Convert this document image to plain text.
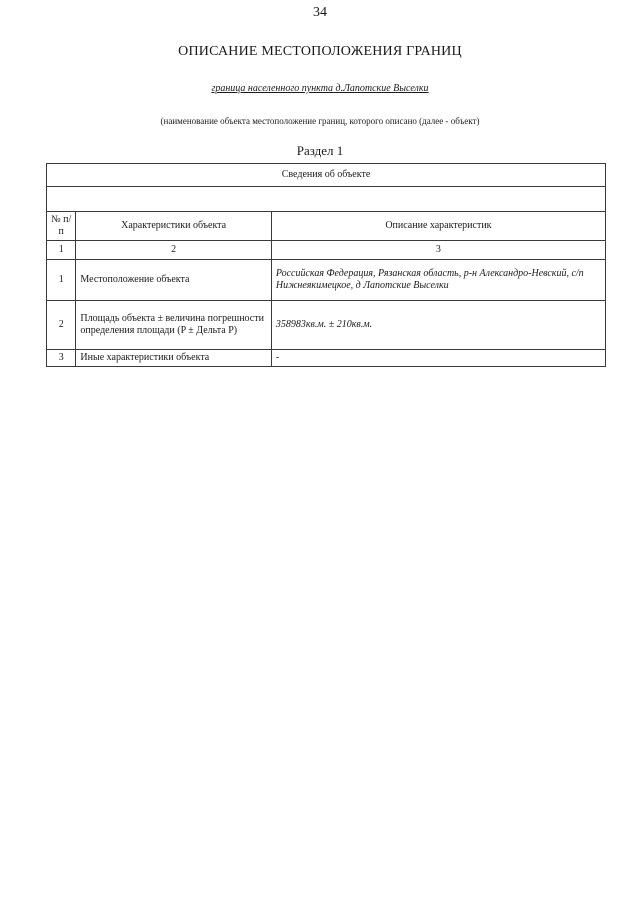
34
ОПИСАНИЕ МЕСТОПОЛОЖЕНИЯ ГРАНИЦ
граница населенного пункта д.Лапотские Выселки
(наименование объекта местоположение границ, которого описано (далее - объект)
Раздел 1
Сведения об объекте		

№ п/п	Характеристики объекта	Описание характеристик
1	2	3
1	Местоположение объекта	Российская Федерация, Рязанская область, р-н Александро-Невский, с/п Нижнеякимецкое, д Лапотские Выселки
2	Площадь объекта ± величина погрешности определения площади (P ± Дельта P)	358983кв.м. ± 210кв.м.
3	Иные характеристики объекта	-
